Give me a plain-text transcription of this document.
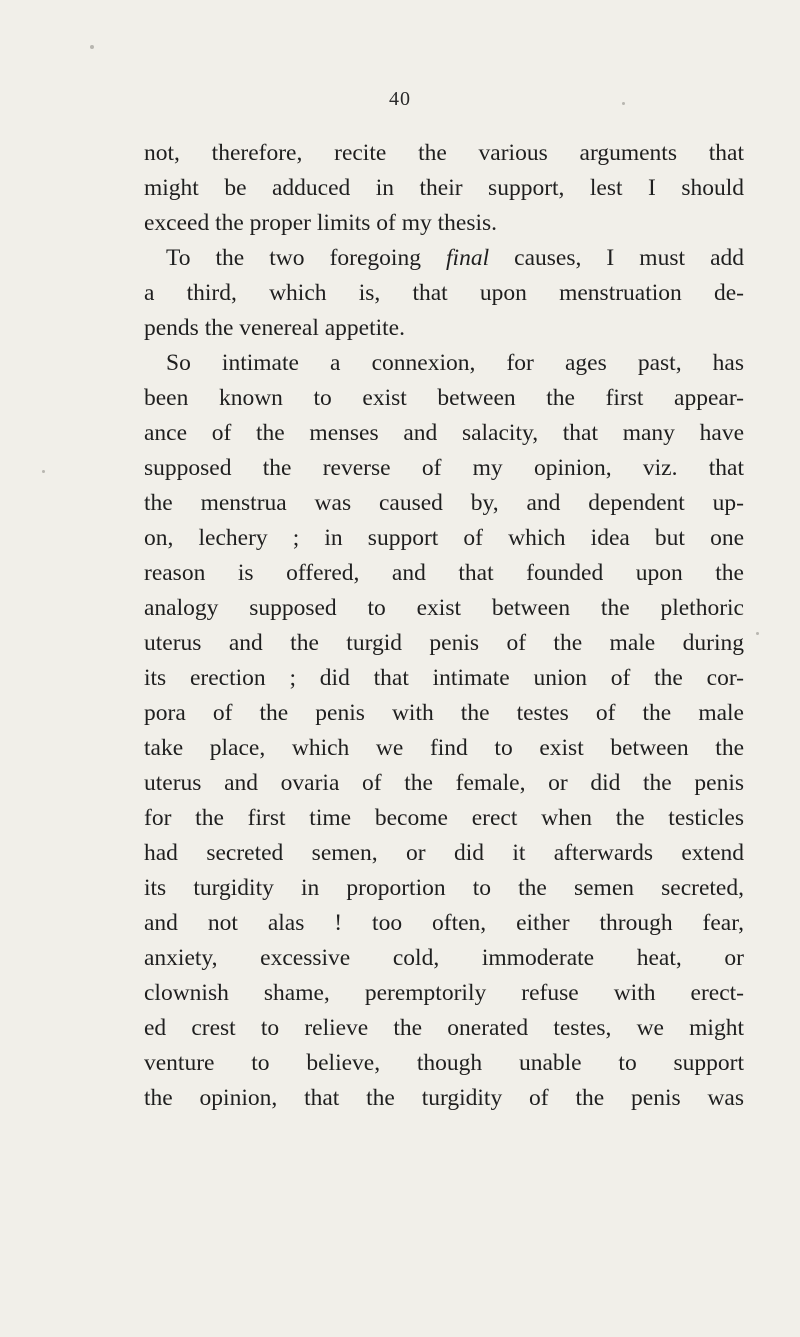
40
not, therefore, recite the various arguments that
might be adduced in their support, lest I should
exceed the proper limits of my thesis.
To the two foregoing final causes, I must add
a third, which is, that upon menstruation de-
pends the venereal appetite.
So intimate a connexion, for ages past, has
been known to exist between the first appear-
ance of the menses and salacity, that many have
supposed the reverse of my opinion, viz. that
the menstrua was caused by, and dependent up-
on, lechery ; in support of which idea but one
reason is offered, and that founded upon the
analogy supposed to exist between the plethoric
uterus and the turgid penis of the male during
its erection ; did that intimate union of the cor-
pora of the penis with the testes of the male
take place, which we find to exist between the
uterus and ovaria of the female, or did the penis
for the first time become erect when the testicles
had secreted semen, or did it afterwards extend
its turgidity in proportion to the semen secreted,
and not alas ! too often, either through fear,
anxiety, excessive cold, immoderate heat, or
clownish shame, peremptorily refuse with erect-
ed crest to relieve the onerated testes, we might
venture to believe, though unable to support
the opinion, that the turgidity of the penis was
